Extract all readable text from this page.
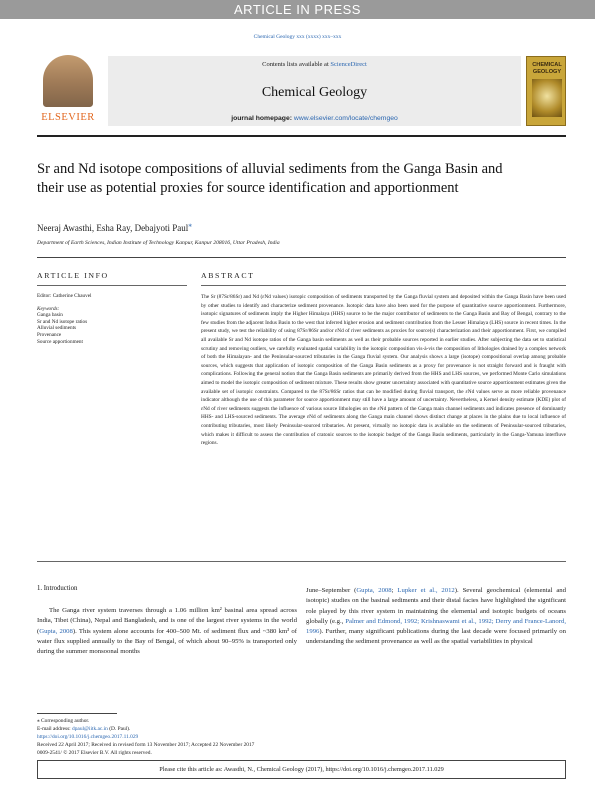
ARTICLE IN PRESS
Chemical Geology xxx (xxxx) xxx–xxx
ELSEVIER
Contents lists available at ScienceDirect
Chemical Geology
journal homepage: www.elsevier.com/locate/chemgeo
CHEMICAL GEOLOGY
Sr and Nd isotope compositions of alluvial sediments from the Ganga Basin and their use as potential proxies for source identification and apportionment
Neeraj Awasthi, Esha Ray, Debajyoti Paul⁎
Department of Earth Sciences, Indian Institute of Technology Kanpur, Kanpur 208016, Uttar Pradesh, India
ARTICLE INFO	ABSTRACT
Editor: Catherine Chauvel
Keywords:
Ganga basin
Sr and Nd isotope ratios
Alluvial sediments
Provenance
Source apportionment
The Sr (87Sr/86Sr) and Nd (εNd values) isotopic composition of sediments transported by the Ganga fluvial system and deposited within the Ganga Basin have been used by other studies to identify and characterize sediment provenance. Isotopic data have also been used for the purpose of quantitative source apportionment. Furthermore, isotopic signatures of sediments imply the Higher Himalaya (HHS) source to be the major contributor of sediments to the Ganga Basin and Bay of Bengal, contrary to the few studies from the adjacent Indus Basin to the west that inferred higher erosion and sediment contribution from the Lesser Himalaya (LHS) source in recent times. In the present study, we test the reliability of using 87Sr/86Sr and/or εNd of river sediments as proxies for source(s) characterization and their apportionment. First, we compiled all available Sr and Nd isotope ratios of the Ganga basin sediments as well as their probable sources reported in earlier studies. After subjecting the data set to statistical scrutiny and removing outliers, we carefully evaluated spatial variability in the isotopic composition vis-à-vis the composition of lithologies drained by a complex network of both the Himalayan- and the Peninsular-sourced tributaries in the Ganga fluvial system. Our analysis shows a large (isotope) compositional overlap among probable sources, which suggests that application of isotopic composition of the Ganga Basin sediments as a proxy for provenance is not straight forward and is fraught with complications. Following the general notion that the Ganga Basin sediments are primarily derived from the HHS and LHS sources, we performed Monte Carlo simulations aimed to model the isotopic composition of sediment mixture. These results show greater uncertainty associated with quantitative source apportionment estimates given the available set of isotopic constraints. Compared to the 87Sr/86Sr ratios that can be modified during fluvial transport, the εNd values serve as more reliable provenance indicator although the use of this parameter for source apportionment may still have a large amount of uncertainty. Nevertheless, a Kernel density estimate (KDE) plot of εNd of river sediments suggests the influence of various source lithologies on the εNd pattern of the Ganga main channel sediments and indicates presence of dominantly HHS- and LHS-sourced sediments. The average εNd of sediments along the Ganga main channel shows distinct change at places in the plains due to local influence of contributing tributaries, most likely Peninsular-sourced tributaries. At present, virtually no isotopic data is available on the sediments of Peninsular-sourced tributaries, which makes it difficult to assess the contribution of cratonic sources to the isotopic budget of the Ganga Basin sediments, particularly in the Ganga-Yamuna interfluve regions.
1. Introduction

The Ganga river system traverses through a 1.06 million km² basinal area spread across India, Tibet (China), Nepal and Bangladesh, and is one of the largest river systems in the world (Gupta, 2008). This system alone accounts for 400–500 Mt. of sediment flux and ~380 km³ of water flux supplied annually to the Bay of Bengal, of which about 90–95% is transported only during the summer monsoonal months

June–September (Gupta, 2008; Lupker et al., 2012). Several geochemical (elemental and isotopic) studies on the basinal sediments and their distal facies have highlighted the significant role played by this river system in maintaining the elemental and isotopic budgets of oceans globally (e.g., Palmer and Edmond, 1992; Krishnaswami et al., 1992; Derry and France-Lanord, 1996). Further, many significant publications during the last decade were focused primarily on understanding the sediment provenance as well as the spatial variabilities in physical

⁎ Corresponding author.
E-mail address: dpaul@iitk.ac.in (D. Paul).
https://doi.org/10.1016/j.chemgeo.2017.11.029
Received 22 April 2017; Received in revised form 13 November 2017; Accepted 22 November 2017
0009-2541/ © 2017 Elsevier B.V. All rights reserved.
Please cite this article as: Awasthi, N., Chemical Geology (2017), https://doi.org/10.1016/j.chemgeo.2017.11.029
